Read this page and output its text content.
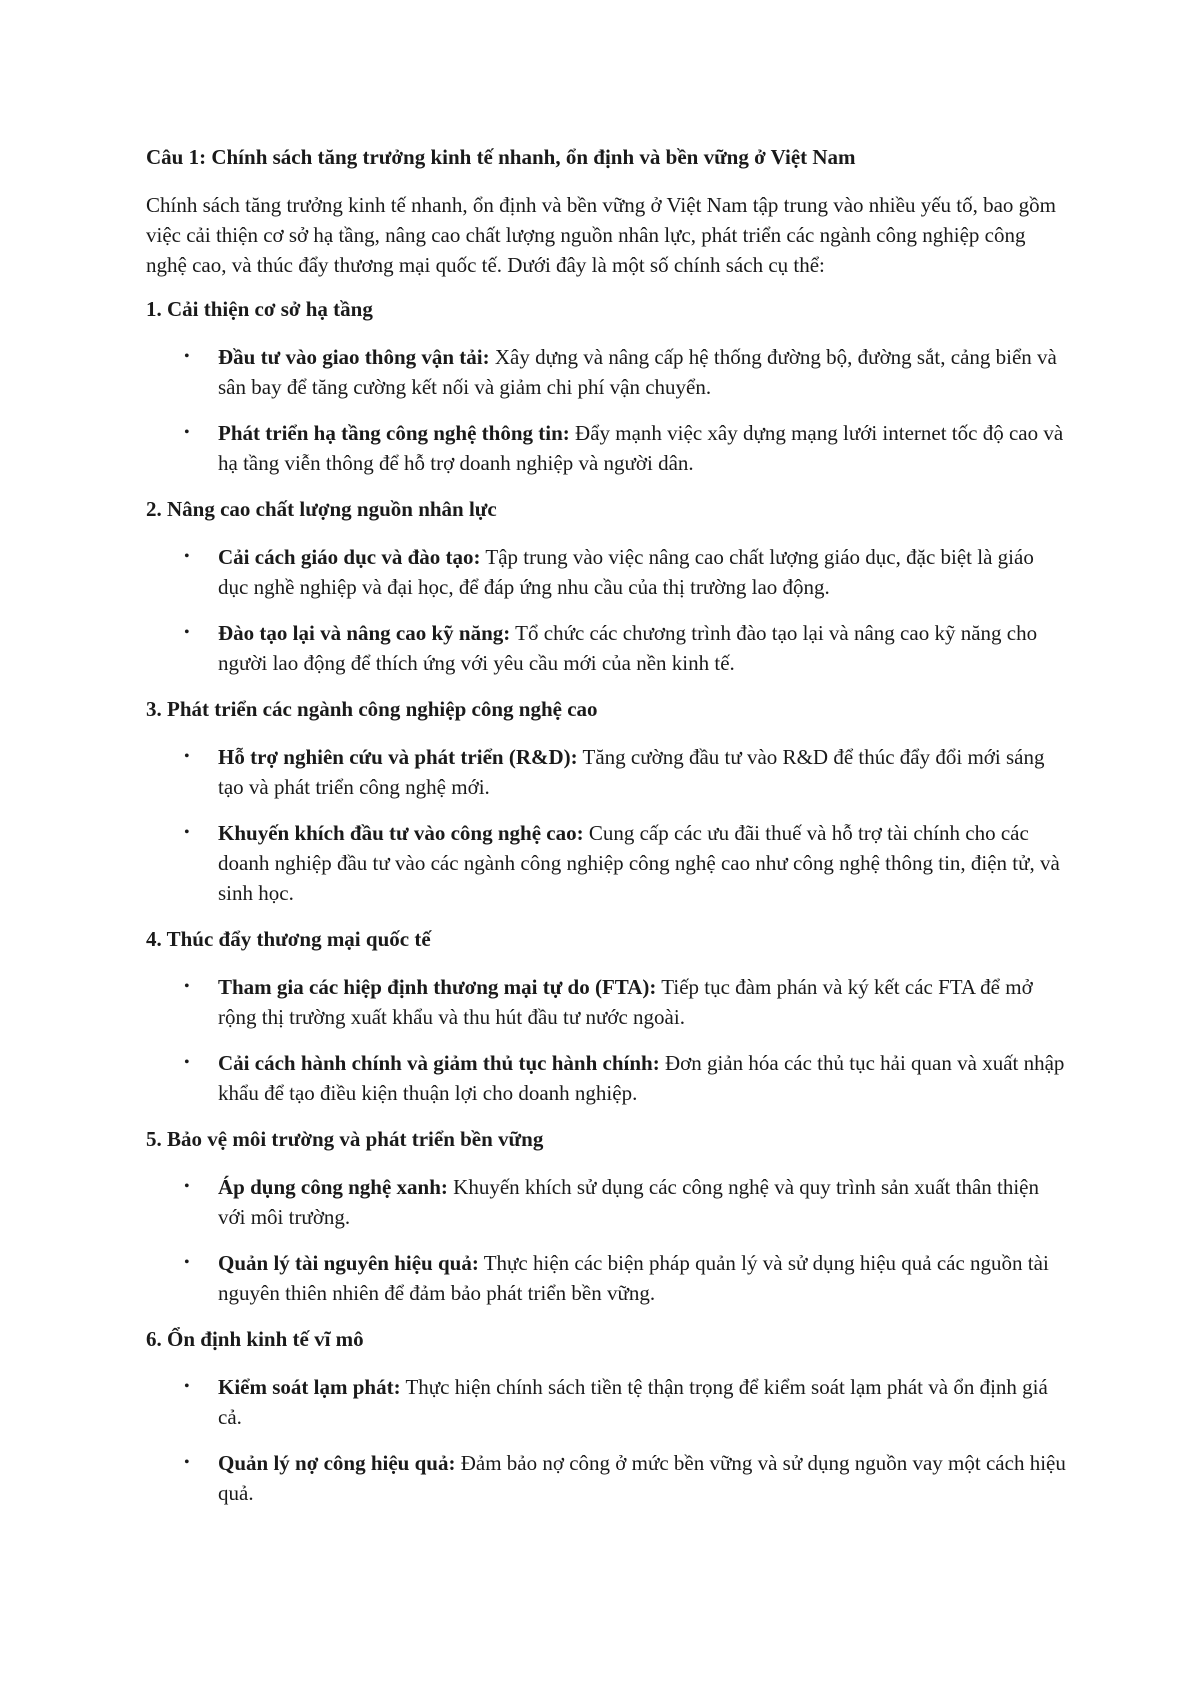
Câu 1: Chính sách tăng trưởng kinh tế nhanh, ổn định và bền vững ở Việt Nam

Chính sách tăng trưởng kinh tế nhanh, ổn định và bền vững ở Việt Nam tập trung vào nhiều yếu tố, bao gồm việc cải thiện cơ sở hạ tầng, nâng cao chất lượng nguồn nhân lực, phát triển các ngành công nghiệp công nghệ cao, và thúc đẩy thương mại quốc tế. Dưới đây là một số chính sách cụ thể:

1. Cải thiện cơ sở hạ tầng
• Đầu tư vào giao thông vận tải: Xây dựng và nâng cấp hệ thống đường bộ, đường sắt, cảng biển và sân bay để tăng cường kết nối và giảm chi phí vận chuyển.
• Phát triển hạ tầng công nghệ thông tin: Đẩy mạnh việc xây dựng mạng lưới internet tốc độ cao và hạ tầng viễn thông để hỗ trợ doanh nghiệp và người dân.
2. Nâng cao chất lượng nguồn nhân lực
• Cải cách giáo dục và đào tạo: Tập trung vào việc nâng cao chất lượng giáo dục, đặc biệt là giáo dục nghề nghiệp và đại học, để đáp ứng nhu cầu của thị trường lao động.
• Đào tạo lại và nâng cao kỹ năng: Tổ chức các chương trình đào tạo lại và nâng cao kỹ năng cho người lao động để thích ứng với yêu cầu mới của nền kinh tế.
3. Phát triển các ngành công nghiệp công nghệ cao
• Hỗ trợ nghiên cứu và phát triển (R&D): Tăng cường đầu tư vào R&D để thúc đẩy đổi mới sáng tạo và phát triển công nghệ mới.
• Khuyến khích đầu tư vào công nghệ cao: Cung cấp các ưu đãi thuế và hỗ trợ tài chính cho các doanh nghiệp đầu tư vào các ngành công nghiệp công nghệ cao như công nghệ thông tin, điện tử, và sinh học.
4. Thúc đẩy thương mại quốc tế
• Tham gia các hiệp định thương mại tự do (FTA): Tiếp tục đàm phán và ký kết các FTA để mở rộng thị trường xuất khẩu và thu hút đầu tư nước ngoài.
• Cải cách hành chính và giảm thủ tục hành chính: Đơn giản hóa các thủ tục hải quan và xuất nhập khẩu để tạo điều kiện thuận lợi cho doanh nghiệp.
5. Bảo vệ môi trường và phát triển bền vững
• Áp dụng công nghệ xanh: Khuyến khích sử dụng các công nghệ và quy trình sản xuất thân thiện với môi trường.
• Quản lý tài nguyên hiệu quả: Thực hiện các biện pháp quản lý và sử dụng hiệu quả các nguồn tài nguyên thiên nhiên để đảm bảo phát triển bền vững.
6. Ổn định kinh tế vĩ mô
• Kiểm soát lạm phát: Thực hiện chính sách tiền tệ thận trọng để kiểm soát lạm phát và ổn định giá cả.
• Quản lý nợ công hiệu quả: Đảm bảo nợ công ở mức bền vững và sử dụng nguồn vay một cách hiệu quả.
